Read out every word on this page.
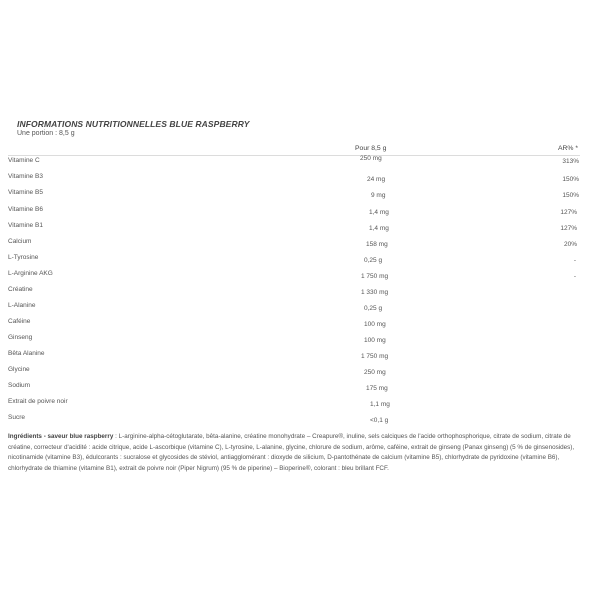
INFORMATIONS NUTRITIONNELLES BLUE RASPBERRY

Une portion : 8,5 g

Pour 8,5 g	AR% *
Vitamine C	250 mg	313%
Vitamine B3	24 mg	150%
Vitamine B5	9 mg	150%
Vitamine B6	1,4 mg	127%
Vitamine B1	1,4 mg	127%
Calcium	158 mg	20%
L-Tyrosine	0,25 g	-
L-Arginine AKG	1 750 mg	-
Créatine	1 330 mg
L-Alanine	0,25 g
Caféine	100 mg
Ginseng	100 mg
Bêta Alanine	1 750 mg
Glycine	250 mg
Sodium	175 mg
Extrait de poivre noir	1,1 mg
Sucre	<0,1 g

Ingrédients - saveur blue raspberry : L-arginine-alpha-cétoglutarate, bêta-alanine, créatine monohydrate – Creapure®, inuline, sels calciques de l'acide orthophosphorique, citrate de sodium, citrate de créatine, correcteur d'acidité : acide citrique, acide L-ascorbique (vitamine C), L-tyrosine, L-alanine, glycine, chlorure de sodium, arôme, caféine, extrait de ginseng (Panax ginseng) (5 % de ginsenosides), nicotinamide (vitamine B3), édulcorants : sucralose et glycosides de stéviol, antiagglomérant : dioxyde de silicium, D-pantothénate de calcium (vitamine B5), chlorhydrate de pyridoxine (vitamine B6), chlorhydrate de thiamine (vitamine B1), extrait de poivre noir (Piper Nigrum) (95 % de piperine) – Bioperine®, colorant : bleu brillant FCF.
